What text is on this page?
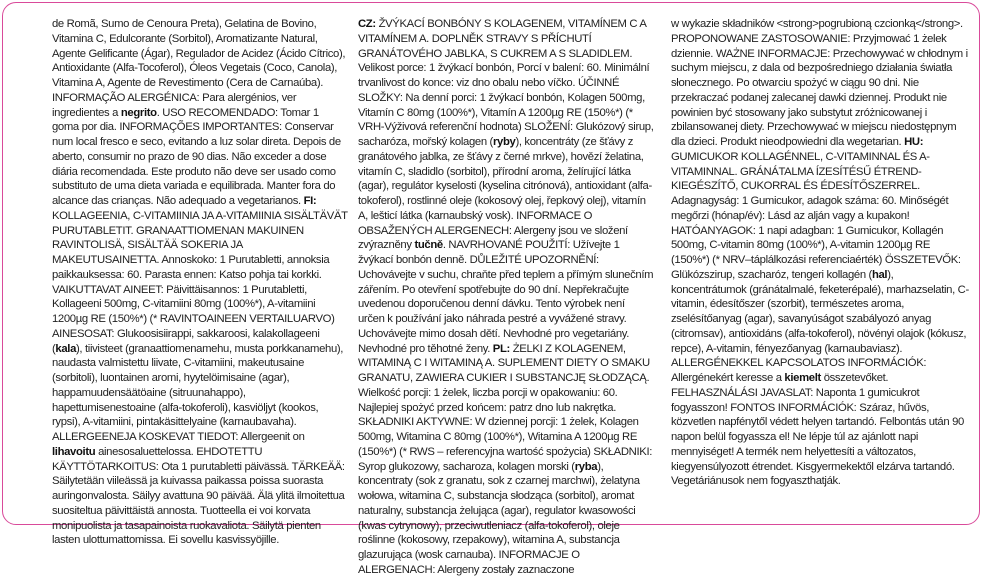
de Romã, Sumo de Cenoura Preta), Gelatina de Bovino, Vitamina C, Edulcorante (Sorbitol), Aromatizante Natural, Agente Gelificante (Ágar), Regulador de Acidez (Ácido Cítrico), Antioxidante (Alfa-Tocoferol), Óleos Vegetais (Coco, Canola), Vitamina A, Agente de Revestimento (Cera de Carnaúba). INFORMAÇÃO ALERGÉNICA: Para alergénios, ver ingredientes a negrito. USO RECOMENDADO: Tomar 1 goma por dia. INFORMAÇÕES IMPORTANTES: Conservar num local fresco e seco, evitando a luz solar direta. Depois de aberto, consumir no prazo de 90 dias. Não exceder a dose diária recomendada. Este produto não deve ser usado como substituto de uma dieta variada e equilibrada. Manter fora do alcance das crianças. Não adequado a vegetarianos. FI: KOLLAGEENIA, C-VITAMIINIA JA A-VITAMIINIA SISÄLTÄVÄT PURUTABLETIT. GRANAATTIOMENAN MAKUINEN RAVINTOLISÄ, SISÄLTÄÄ SOKERIA JA MAKEUTUSAINETTA. Annoskoko: 1 Purutabletti, annoksia paikkauksessa: 60. Parasta ennen: Katso pohja tai korkki. VAIKUTTAVAT AINEET: Päivittäisannos: 1 Purutabletti, Kollageeni 500mg, C-vitamiini 80mg (100%*), A-vitamiini 1200µg RE (150%*) (* RAVINTOAINEEN VERTAILUARVO) AINESOSAT: Glukoosisiirappi, sakkaroosi, kalakollageeni (kala), tiivisteet (granaattiomenamehu, musta porkkanamehu), naudasta valmistettu liivate, C-vitamiini, makeutusaine (sorbitoli), luontainen aromi, hyytelöimisaine (agar), happamuudensäätöaine (sitruunahappo), hapettumisenestoaine (alfa-tokoferoli), kasviöljyt (kookos, rypsi), A-vitamiini, pintakäsittelyaine (karnaubavaha). ALLERGEENEJA KOSKEVAT TIEDOT: Allergeenit on lihavoitu ainesosaluettelossa. EHDOTETTU KÄYTTÖTARKOITUS: Ota 1 purutabletti päivässä. TÄRKEÄÄ: Säilytetään viileässä ja kuivassa paikassa poissa suorasta auringonvalosta. Säilyy avattuna 90 päivää. Älä ylitä ilmoitettua suositeltua päivittäistä annosta. Tuotteella ei voi korvata monipuolista ja tasapainoista ruokavaliota. Säilytä pienten lasten ulottumattomissa. Ei sovellu kasvissyöjille.
CZ: ŽVÝKACÍ BONBÓNY S KOLAGENEM, VITAMÍNEM C A VITAMÍNEM A. DOPLNĚK STRAVY S PŘÍCHUTÍ GRANÁTOVÉHO JABLKA, S CUKREM A S SLADIDLEM. Velikost porce: 1 žvýkací bonbón, Porcí v balení: 60. Minimální trvanlivost do konce: viz dno obalu nebo víčko. ÚČINNÉ SLOŽKY: Na denní porci: 1 žvýkací bonbón, Kolagen 500mg, Vitamín C 80mg (100%*), Vitamín A 1200µg RE (150%*) (* VRH-Výživová referenční hodnota) SLOŽENÍ: Glukózový sirup, sacharóza, mořský kolagen (ryby), koncentráty (ze šťávy z granátového jablka, ze šťávy z černé mrkve), hovězí želatina, vitamín C, sladidlo (sorbitol), přírodní aroma, želírující látka (agar), regulátor kyselosti (kyselina citrónová), antioxidant (alfa-tokoferol), rostlinné oleje (kokosový olej, řepkový olej), vitamín A, lešticí látka (karnaubský vosk). INFORMACE O OBSAŽENÝCH ALERGENECH: Alergeny jsou ve složení zvýrazněny tučně. NAVRHOVANÉ POUŽITÍ: Užívejte 1 žvýkací bonbón denně. DŮLEŽITÉ UPOZORNĚNÍ: Uchovávejte v suchu, chraňte před teplem a přímým slunečním zářením. Po otevření spotřebujte do 90 dní. Nepřekračujte uvedenou doporučenou denní dávku. Tento výrobek není určen k používání jako náhrada pestré a vyvážené stravy. Uchovávejte mimo dosah dětí. Nevhodné pro vegetariány. Nevhodné pro těhotné ženy. PL: ŻELKI Z KOLAGENEM, WITAMINĄ C I WITAMINĄ A. SUPLEMENT DIETY O SMAKU GRANATU, ZAWIERA CUKIER I SUBSTANCJĘ SŁODZĄCĄ. Wielkość porcji: 1 żelek, liczba porcji w opakowaniu: 60. Najlepiej spożyć przed końcem: patrz dno lub nakrętka. SKŁADNIKI AKTYWNE: W dziennej porcji: 1 żelek, Kolagen 500mg, Witamina C 80mg (100%*), Witamina A 1200µg RE (150%*) (* RWS – referencyjna wartość spożycia) SKŁADNIKI: Syrop glukozowy, sacharoza, kolagen morski (ryba), koncentraty (sok z granatu, sok z czarnej marchwi), żelatyna wołowa, witamina C, substancja słodząca (sorbitol), aromat naturalny, substancja żelująca (agar), regulator kwasowości (kwas cytrynowy), przeciwutleniacz (alfa-tokoferol), oleje roślinne (kokosowy, rzepakowy), witamina A, substancja glazurująca (wosk carnauba). INFORMACJE O ALERGENACH: Alergeny zostały zaznaczone
w wykazie składników <strong>pogrubioną czcionką</strong>. PROPONOWANE ZASTOSOWANIE: Przyjmować 1 żelek dziennie. WAŻNE INFORMACJE: Przechowywać w chłodnym i suchym miejscu, z dala od bezpośredniego działania światła słonecznego. Po otwarciu spożyć w ciągu 90 dni. Nie przekraczać podanej zalecanej dawki dziennej. Produkt nie powinien być stosowany jako substytut zróżnicowanej i zbilansowanej diety. Przechowywać w miejscu niedostępnym dla dzieci. Produkt nieodpowiedni dla wegetarian. HU: GUMICUKOR KOLLAGÉNNEL, C-VITAMINNAL ÉS A-VITAMINNAL. GRÁNÁTALMA ÍZESÍTÉSŰ ÉTREND-KIEGÉSZÍTŐ, CUKORRAL ÉS ÉDESÍTŐSZERREL. Adagnagyság: 1 Gumicukor, adagok száma: 60. Minőségét megőrzi (hónap/év): Lásd az alján vagy a kupakon! HATÓANYAGOK: 1 napi adagban: 1 Gumicukor, Kollagén 500mg, C-vitamin 80mg (100%*), A-vitamin 1200µg RE (150%*) (* NRV–táplálkozási referenciaérték) ÖSSZETEVŐK: Glükózszirup, szacharóz, tengeri kollagén (hal), koncentrátumok (gránátalmalé, feketerépalé), marhazselatin, C-vitamin, édesítőszer (szorbit), természetes aroma, zselésítőanyag (agar), savanyúságot szabályozó anyag (citromsav), antioxidáns (alfa-tokoferol), növényi olajok (kókusz, repce), A-vitamin, fényezőanyag (karnaubaviasz). ALLERGÉNEKKEL KAPCSOLATOS INFORMÁCIÓK: Allergénekért keresse a kiemelt összetevőket. FELHASZNÁLÁSI JAVASLAT: Naponta 1 gumicukrot fogyasszon! FONTOS INFORMÁCIÓK: Száraz, hűvös, közvetlen napfénytől védett helyen tartandó. Felbontás után 90 napon belül fogyassza el! Ne lépje túl az ajánlott napi mennyiséget! A termék nem helyettesíti a változatos, kiegyensúlyozott étrendet. Kisgyermekektől elzárva tartandó. Vegetáriánusok nem fogyaszthatják.
